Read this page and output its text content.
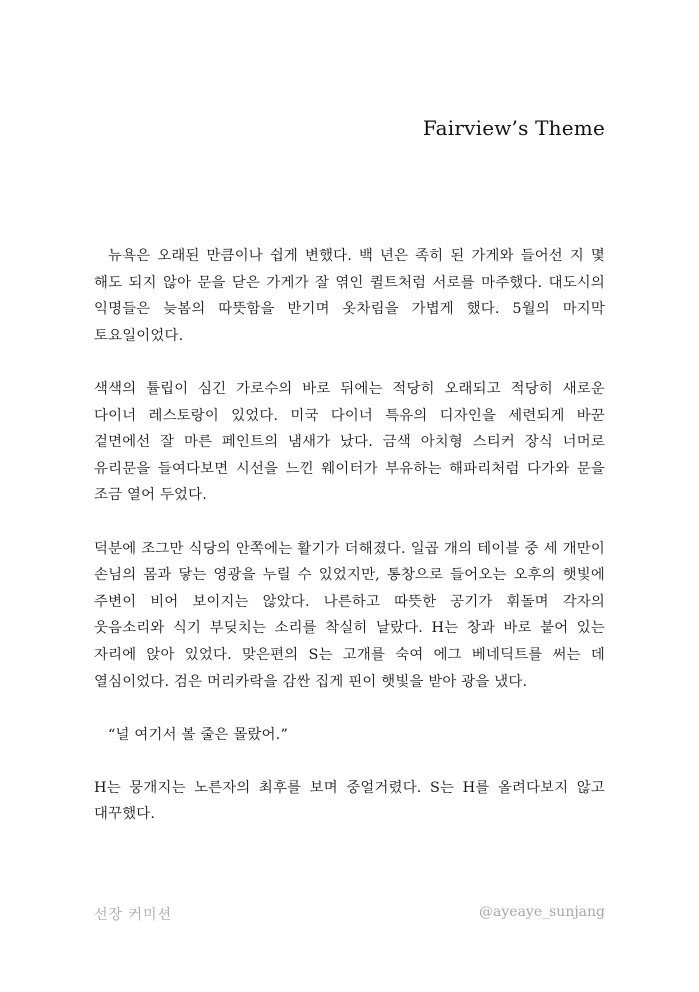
Fairview’s Theme

뉴욕은 오래된 만큼이나 쉽게 변했다. 백 년은 족히 된 가게와 들어선 지 몇 해도 되지 않아 문을 닫은 가게가 잘 엮인 퀼트처럼 서로를 마주했다. 대도시의 익명들은 늦봄의 따뜻함을 반기며 옷차림을 가볍게 했다. 5월의 마지막 토요일이었다.

색색의 튤립이 심긴 가로수의 바로 뒤에는 적당히 오래되고 적당히 새로운 다이너 레스토랑이 있었다. 미국 다이너 특유의 디자인을 세련되게 바꾼 겉면에선 잘 마른 페인트의 냄새가 났다. 금색 아치형 스티커 장식 너머로 유리문을 들여다보면 시선을 느낀 웨이터가 부유하는 해파리처럼 다가와 문을 조금 열어 두었다.

덕분에 조그만 식당의 안쪽에는 활기가 더해졌다. 일곱 개의 테이블 중 세 개만이 손님의 몸과 닿는 영광을 누릴 수 있었지만, 통창으로 들어오는 오후의 햇빛에 주변이 비어 보이지는 않았다. 나른하고 따뜻한 공기가 휘돌며 각자의 웃음소리와 식기 부딪치는 소리를 착실히 날랐다. H는 창과 바로 붙어 있는 자리에 앉아 있었다. 맞은편의 S는 고개를 숙여 에그 베네딕트를 써는 데 열심이었다. 검은 머리카락을 감싼 집게 핀이 햇빛을 받아 광을 냈다.

“널 여기서 볼 줄은 몰랐어.”

H는 뭉개지는 노른자의 최후를 보며 중얼거렸다. S는 H를 올려다보지 않고 대꾸했다.

선장 커미션	@ayeaye_sunjang
